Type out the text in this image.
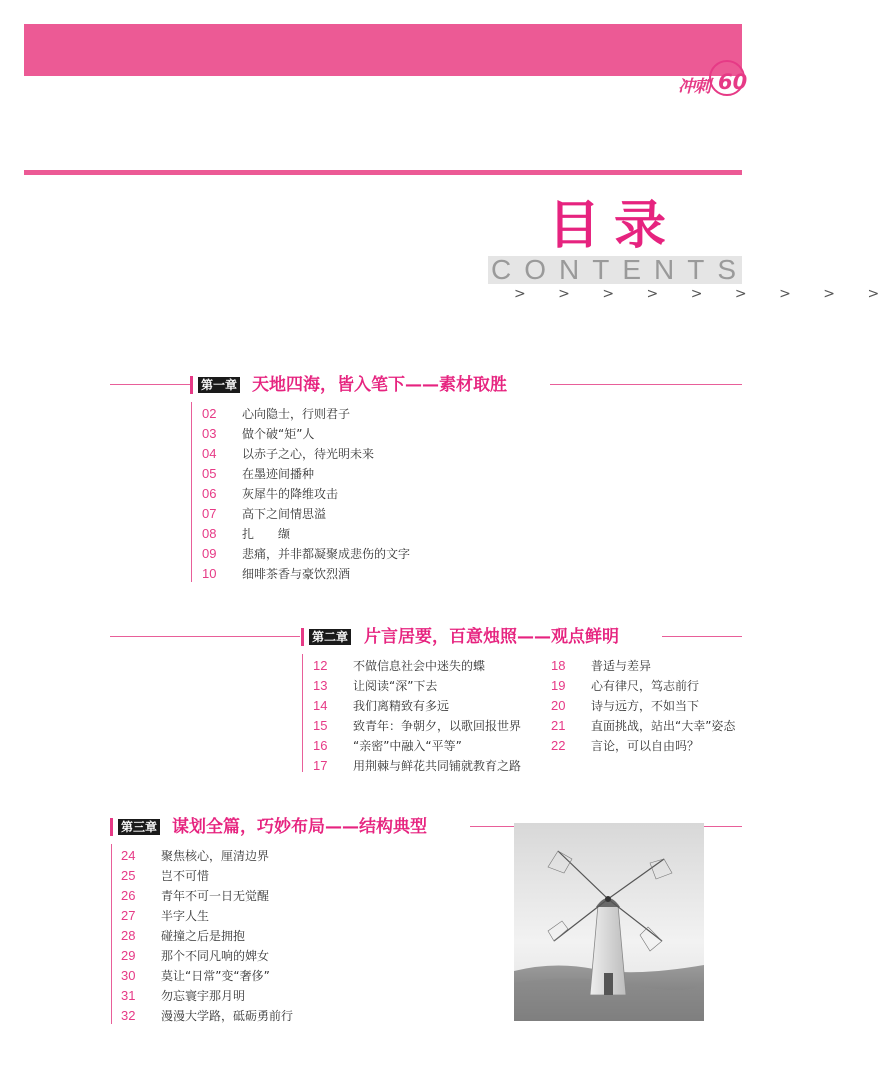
冲刺 60
目录
CONTENTS
> > > > > > > > >
第一章 天地四海，皆入笔下——素材取胜
02 心向隐士，行则君子
03 做个破“矩”人
04 以赤子之心，待光明未来
05 在墨迹间播种
06 灰犀牛的降维攻击
07 高下之间情思溢
08 扎　　缬
09 悲痛，并非都凝聚成悲伤的文字
10 细啡茶香与豪饮烈酒
第二章 片言居要，百意烛照——观点鲜明
12 不做信息社会中迷失的蝶
13 让阅读“深”下去
14 我们离精致有多远
15 致青年：争朝夕，以歌回报世界
16 “亲密”中融入“平等”
17 用荆棘与鲜花共同铺就教育之路
18 普适与差异
19 心有律尺，笃志前行
20 诗与远方，不如当下
21 直面挑战，站出“大幸”姿态
22 言论，可以自由吗？
第三章 谋划全篇，巧妙布局——结构典型
24 聚焦核心，厘清边界
25 岂不可惜
26 青年不可一日无觉醒
27 半字人生
28 碰撞之后是拥抱
29 那个不同凡响的婢女
30 莫让“日常”变“奢侈”
31 勿忘寰宇那月明
32 漫漫大学路，砥砺勇前行
